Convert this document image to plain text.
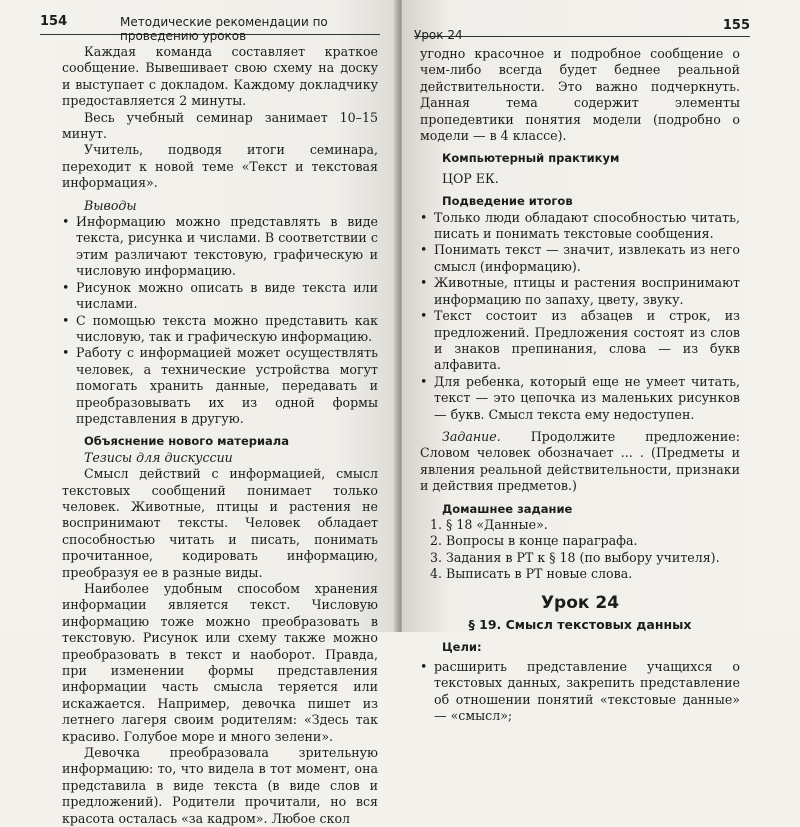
154	Методические рекомендации по проведению уроков

Каждая команда составляет краткое сообщение. Вывешивает свою схему на доску и выступает с докладом. Каждому докладчику предоставляется 2 минуты.

Весь учебный семинар занимает 10–15 минут.

Учитель, подводя итоги семинара, переходит к новой теме «Текст и текстовая информация».

Выводы

• Информацию можно представлять в виде текста, рисунка и числами. В соответствии с этим различают текстовую, графическую и числовую информацию.
• Рисунок можно описать в виде текста или числами.
• С помощью текста можно представить как числовую, так и графическую информацию.
• Работу с информацией может осуществлять человек, а технические устройства могут помогать хранить данные, передавать и преобразовывать их из одной формы представления в другую.

Объяснение нового материала

Тезисы для дискуссии

Смысл действий с информацией, смысл текстовых сообщений понимает только человек. Животные, птицы и растения не воспринимают тексты. Человек обладает способностью читать и писать, понимать прочитанное, кодировать информацию, преобразуя ее в разные виды.

Наиболее удобным способом хранения информации является текст. Числовую информацию тоже можно преобразовать в текстовую. Рисунок или схему также можно преобразовать в текст и наоборот. Правда, при изменении формы представления информации часть смысла теряется или искажается. Например, девочка пишет из летнего лагеря своим родителям: «Здесь так красиво. Голубое море и много зелени».

Девочка преобразовала зрительную информацию: то, что видела в тот момент, она представила в виде текста (в виде слов и предложений). Родители прочитали, но вся красота осталась «за кадром». Любое скол

Урок 24
155

угодно красочное и подробное сообщение о чем-либо всегда будет беднее реальной действительности. Это важно подчеркнуть. Данная тема содержит элементы пропедевтики понятия модели (подробно о модели — в 4 классе).

Компьютерный практикум

ЦОР ЕК.

Подведение итогов

• Только люди обладают способностью читать, писать и понимать текстовые сообщения.
• Понимать текст — значит, извлекать из него смысл (информацию).
• Животные, птицы и растения воспринимают информацию по запаху, цвету, звуку.
• Текст состоит из абзацев и строк, из предложений. Предложения состоят из слов и знаков препинания, слова — из букв алфавита.
• Для ребенка, который еще не умеет читать, текст — это цепочка из маленьких рисунков — букв. Смысл текста ему недоступен.

Задание. Продолжите предложение: Словом человек обозначает ... . (Предметы и явления реальной действительности, признаки и действия предметов.)

Домашнее задание

1. § 18 «Данные».
2. Вопросы в конце параграфа.
3. Задания в РТ к § 18 (по выбору учителя).
4. Выписать в РТ новые слова.
Урок 24
§ 19. Смысл текстовых данных

Цели:

• расширить представление учащихся о текстовых данных, закрепить представление об отношении понятий «текстовые данные» — «смысл»;
